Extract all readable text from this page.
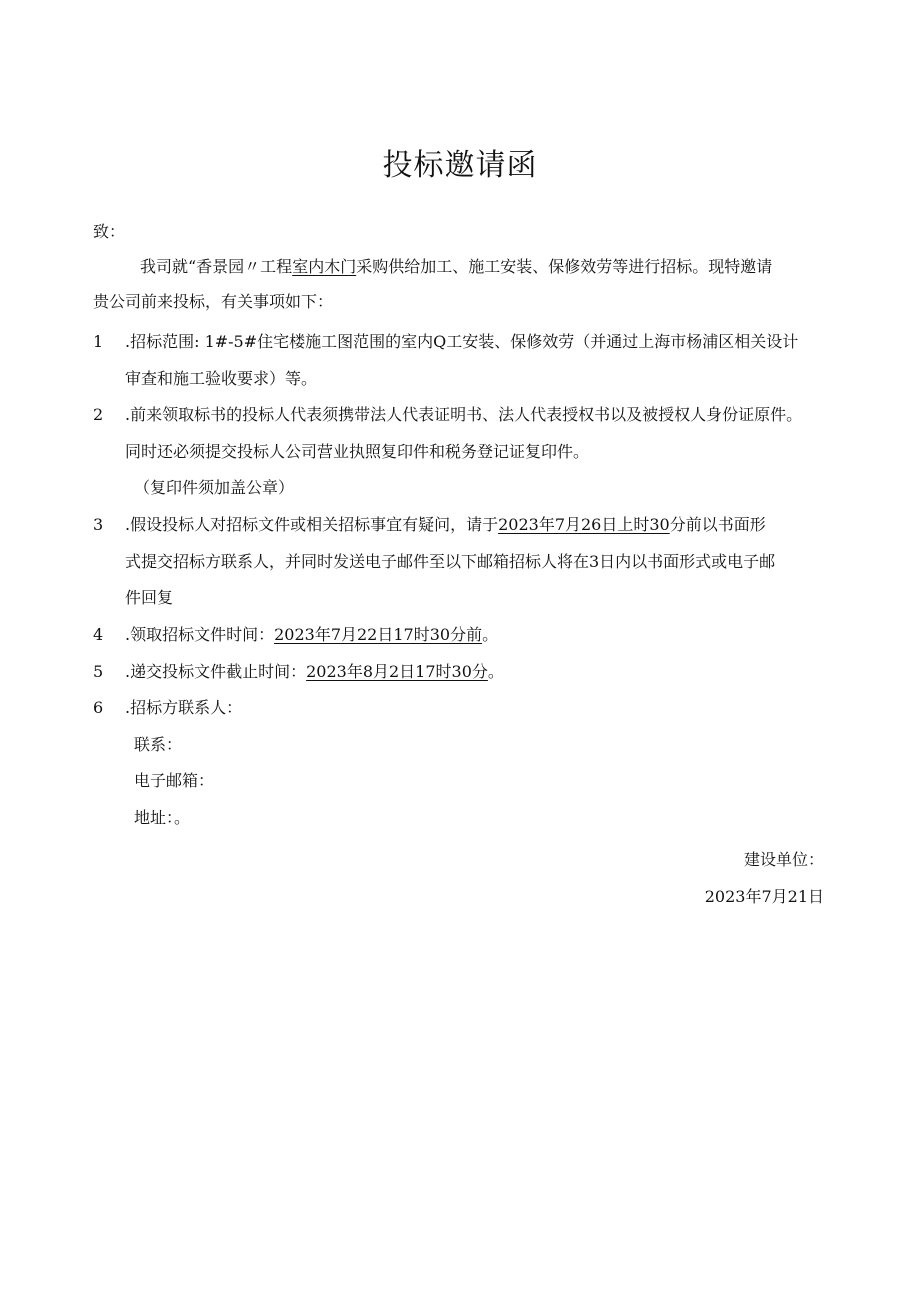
投标邀请函

致：

我司就“香景园〃工程室内木门采购供给加工、施工安装、保修效劳等进行招标。现特邀请

贵公司前来投标，有关事项如下：

1 .招标范围: 1#-5#住宅楼施工图范围的室内Q工安装、保修效劳（并通过上海市杨浦区相关设计

审查和施工验收要求）等。

2 .前来领取标书的投标人代表须携带法人代表证明书、法人代表授权书以及被授权人身份证原件。

同时还必须提交投标人公司营业执照复印件和税务登记证复印件。

（复印件须加盖公章）

3 .假设投标人对招标文件或相关招标事宜有疑问，请于2023年7月26日上时30分前以书面形

式提交招标方联系人，并同时发送电子邮件至以下邮箱招标人将在3日内以书面形式或电子邮

件回复

4 .领取招标文件时间：2023年7月22日17时30分前。

5 .递交投标文件截止时间：2023年8月2日17时30分。

6 .招标方联系人：

联系：

电子邮箱：

地址：。

建设单位：

2023年7月21日
